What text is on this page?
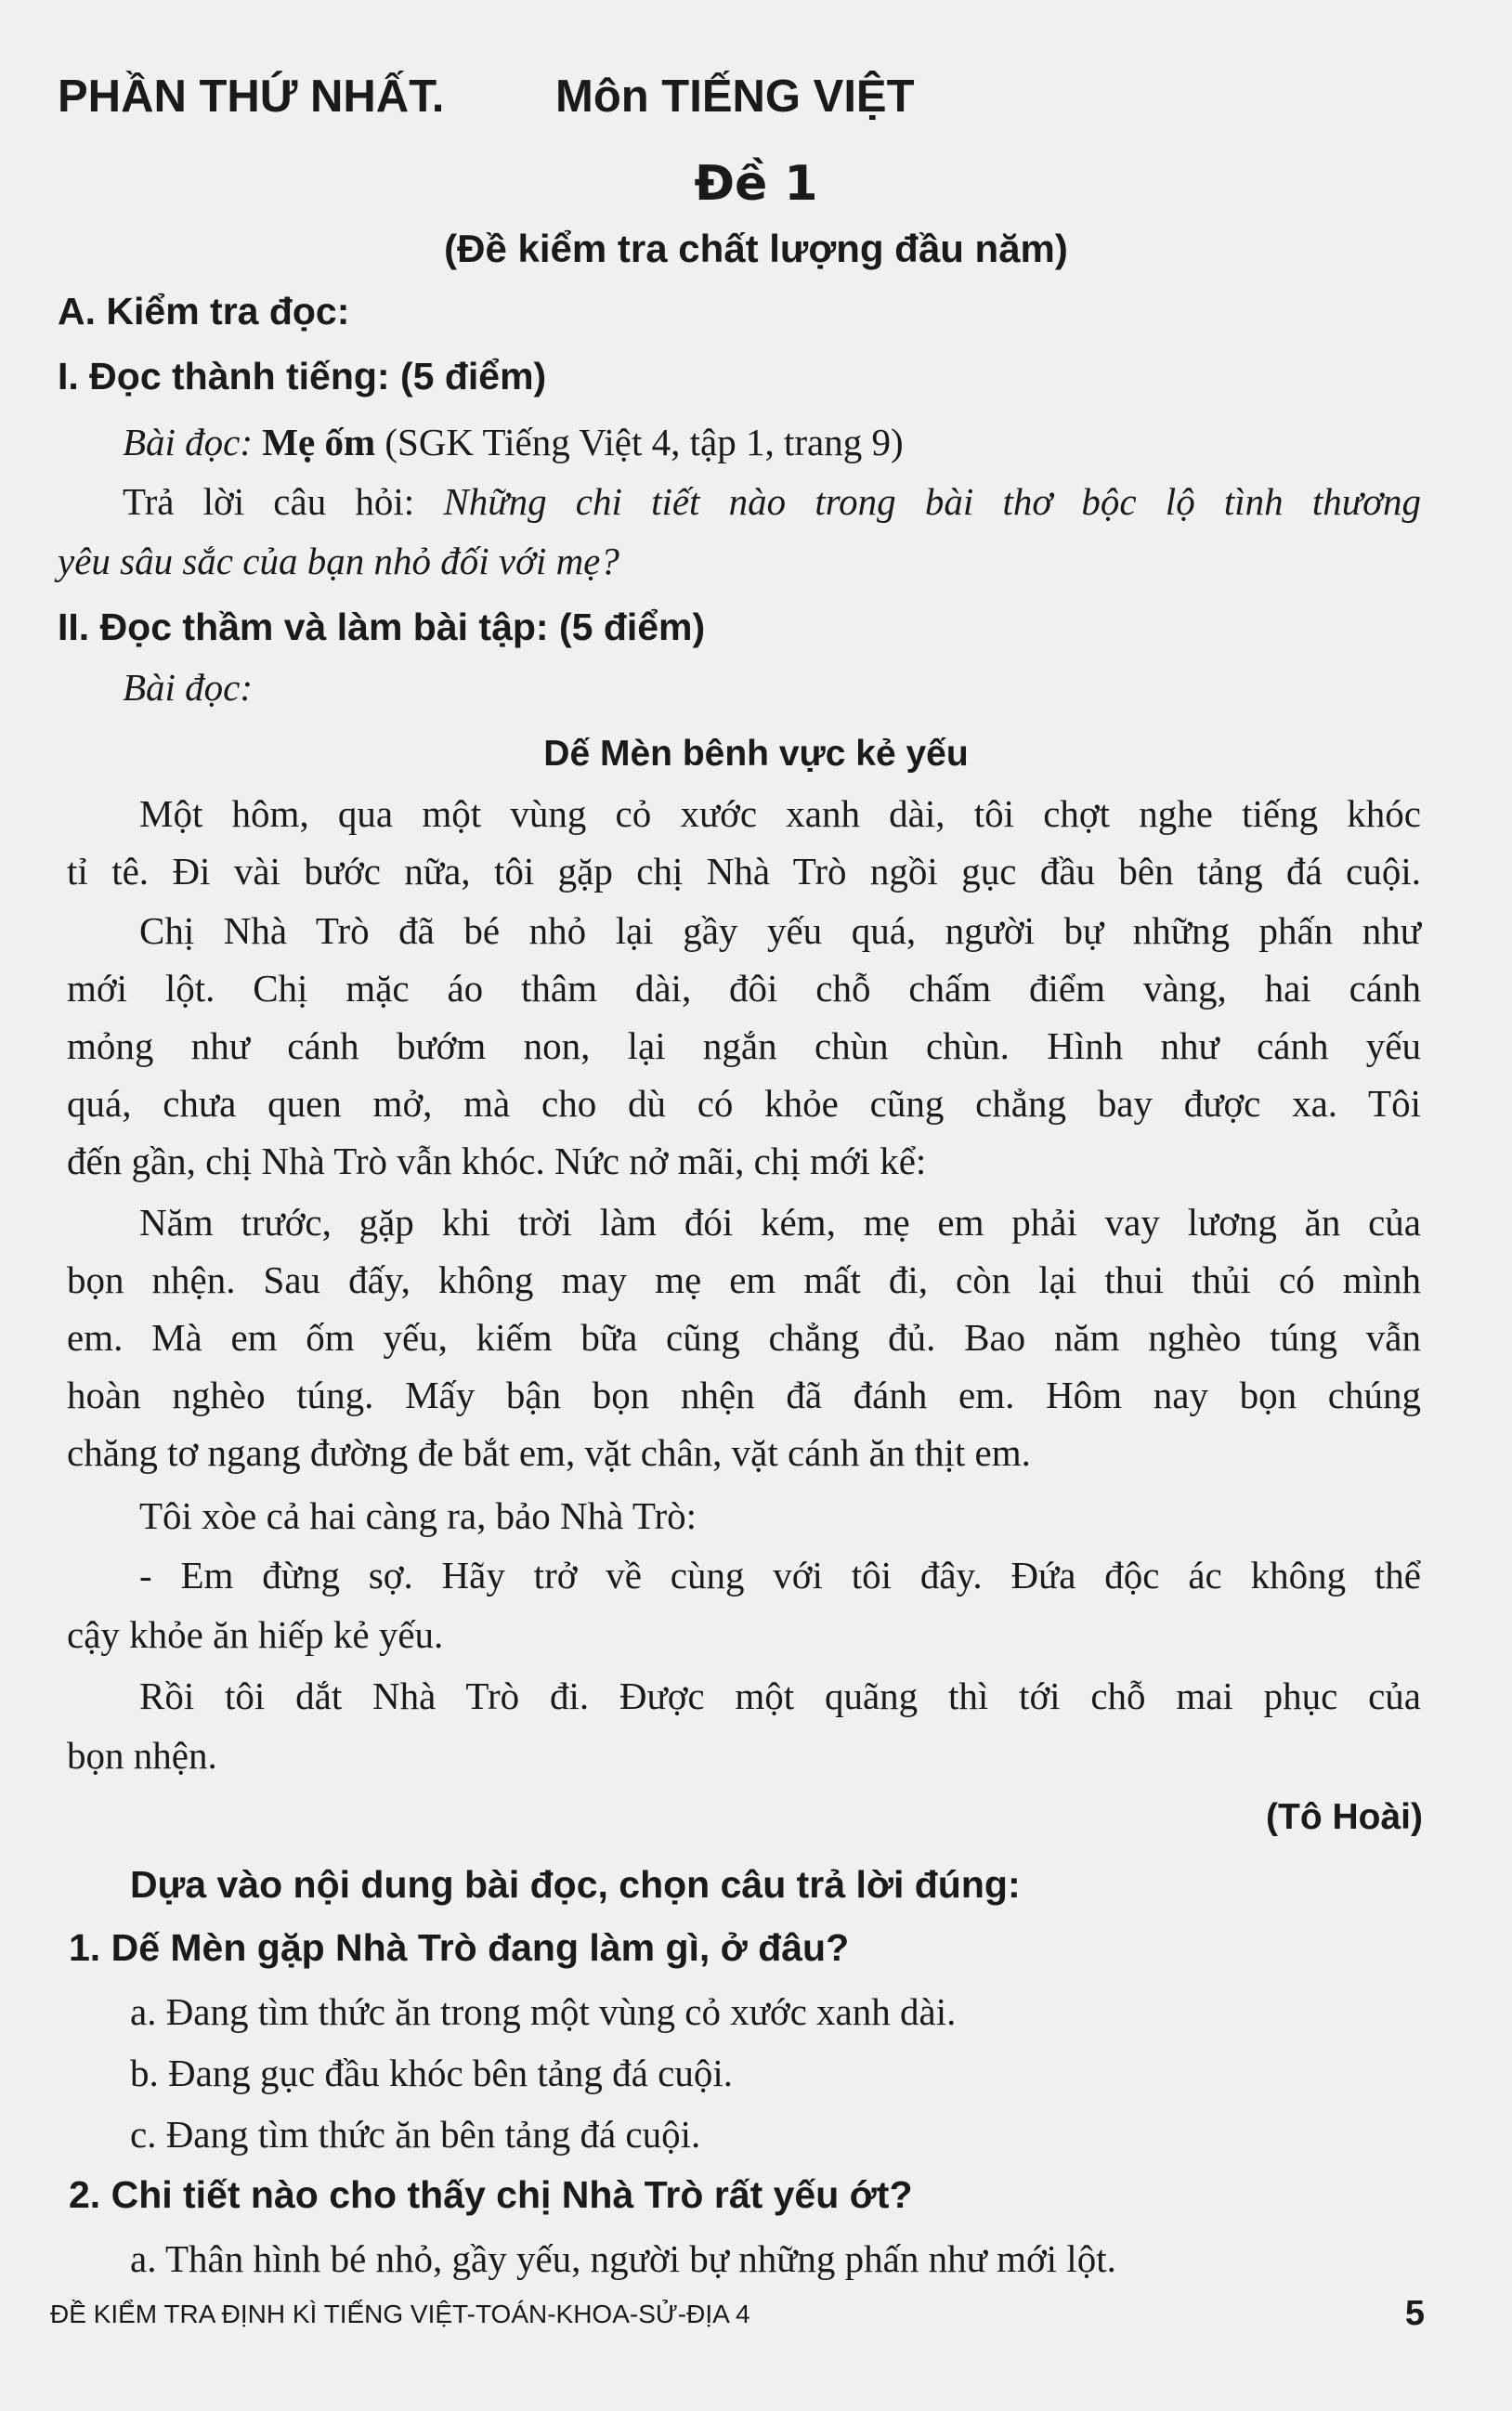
PHẦN THỨ NHẤT. Môn TIẾNG VIỆT
Đề 1
(Đề kiểm tra chất lượng đầu năm)
A. Kiểm tra đọc:
I. Đọc thành tiếng: (5 điểm)
Bài đọc: Mẹ ốm (SGK Tiếng Việt 4, tập 1, trang 9)
Trả lời câu hỏi: Những chi tiết nào trong bài thơ bộc lộ tình thương
yêu sâu sắc của bạn nhỏ đối với mẹ?
II. Đọc thầm và làm bài tập: (5 điểm)
Bài đọc:
Dế Mèn bênh vực kẻ yếu
Một hôm, qua một vùng cỏ xước xanh dài, tôi chợt nghe tiếng khóc
tỉ tê. Đi vài bước nữa, tôi gặp chị Nhà Trò ngồi gục đầu bên tảng đá cuội.
Chị Nhà Trò đã bé nhỏ lại gầy yếu quá, người bự những phấn như
mới lột. Chị mặc áo thâm dài, đôi chỗ chấm điểm vàng, hai cánh
mỏng như cánh bướm non, lại ngắn chùn chùn. Hình như cánh yếu
quá, chưa quen mở, mà cho dù có khỏe cũng chẳng bay được xa. Tôi
đến gần, chị Nhà Trò vẫn khóc. Nức nở mãi, chị mới kể:
Năm trước, gặp khi trời làm đói kém, mẹ em phải vay lương ăn của
bọn nhện. Sau đấy, không may mẹ em mất đi, còn lại thui thủi có mình
em. Mà em ốm yếu, kiếm bữa cũng chẳng đủ. Bao năm nghèo túng vẫn
hoàn nghèo túng. Mấy bận bọn nhện đã đánh em. Hôm nay bọn chúng
chăng tơ ngang đường đe bắt em, vặt chân, vặt cánh ăn thịt em.
Tôi xòe cả hai càng ra, bảo Nhà Trò:
- Em đừng sợ. Hãy trở về cùng với tôi đây. Đứa độc ác không thể
cậy khỏe ăn hiếp kẻ yếu.
Rồi tôi dắt Nhà Trò đi. Được một quãng thì tới chỗ mai phục của
bọn nhện.
(Tô Hoài)
Dựa vào nội dung bài đọc, chọn câu trả lời đúng:
1. Dế Mèn gặp Nhà Trò đang làm gì, ở đâu?
a. Đang tìm thức ăn trong một vùng cỏ xước xanh dài.
b. Đang gục đầu khóc bên tảng đá cuội.
c. Đang tìm thức ăn bên tảng đá cuội.
2. Chi tiết nào cho thấy chị Nhà Trò rất yếu ớt?
a. Thân hình bé nhỏ, gầy yếu, người bự những phấn như mới lột.
ĐỀ KIỂM TRA ĐỊNH KÌ TIẾNG VIỆT-TOÁN-KHOA-SỬ-ĐỊA 4	5
